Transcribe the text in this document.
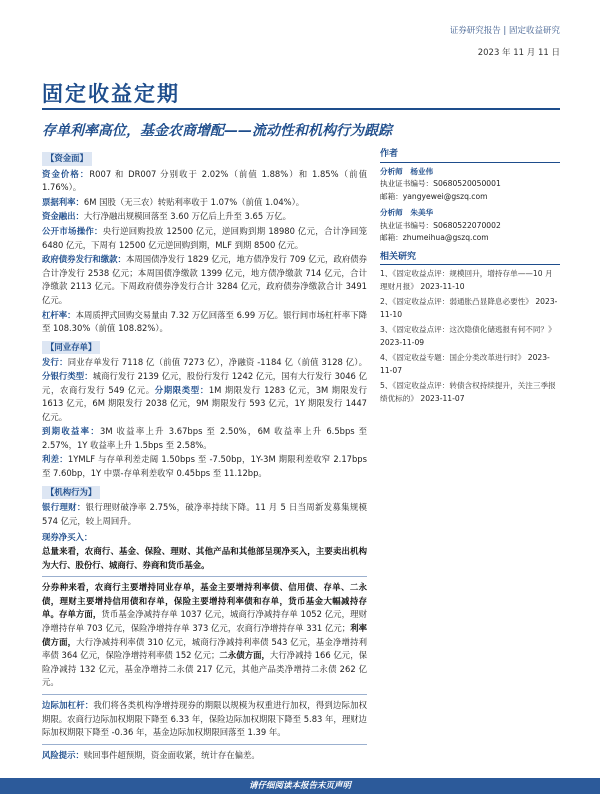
证券研究报告 | 固定收益研究
2023 年 11 月 11 日
固定收益定期
存单利率高位，基金农商增配——流动性和机构行为跟踪
【资金面】
资金价格：R007 和 DR007 分别收于 2.02%（前值 1.88%）和 1.85%（前值 1.76%）。
票据利率：6M 国股（无三农）转贴利率收于 1.07%（前值 1.04%）。
资金融出：大行净融出规模回落至 3.60 万亿后上升至 3.65 万亿。
公开市场操作：央行逆回购投放 12500 亿元，逆回购到期 18980 亿元，合计净回笼 6480 亿元，下周有 12500 亿元逆回购到期，MLF 到期 8500 亿元。
政府债券发行和缴款：本周国债净发行 1829 亿元，地方债净发行 709 亿元，政府债券合计净发行 2538 亿元；本周国债净缴款 1399 亿元，地方债净缴款 714 亿元，合计净缴款 2113 亿元。下周政府债券净发行合计 3284 亿元，政府债券净缴款合计 3491 亿元。
杠杆率：本周质押式回购交易量由 7.32 万亿回落至 6.99 万亿。银行间市场杠杆率下降至 108.30%（前值 108.82%）。
【同业存单】
发行：同业存单发行 7118 亿（前值 7273 亿），净融资 -1184 亿（前值 3128 亿）。分银行类型：城商行发行 2139 亿元，股份行发行 1242 亿元，国有大行发行 3046 亿元，农商行发行 549 亿元。分期限类型：1M 期限发行 1283 亿元，3M 期限发行 1613 亿元，6M 期限发行 2038 亿元，9M 期限发行 593 亿元，1Y 期限发行 1447 亿元。
到期收益率：3M 收益率上升 3.67bps 至 2.50%，6M 收益率上升 6.5bps 至 2.57%，1Y 收益率上升 1.5bps 至 2.58%。
利差：1YMLF 与存单利差走阔 1.50bps 至 -7.50bp，1Y-3M 期限利差收窄 2.17bps 至 7.60bp，1Y 中票-存单利差收窄 0.45bps 至 11.12bp。
【机构行为】
银行理财：银行理财破净率 2.75%，破净率持续下降。11 月 5 日当周新发募集规模 574 亿元，较上周回升。
现券净买入：
总量来看，农商行、基金、保险、理财、其他产品和其他部呈现净买入，主要卖出机构为大行、股份行、城商行、券商和货币基金。
分券种来看，农商行主要增持同业存单，基金主要增持利率债、信用债、存单、二永债，理财主要增持信用债和存单，保险主要增持利率债和存单，货币基金大幅减持存单。存单方面，货币基金净减持存单 1037 亿元，城商行净减持存单 1052 亿元，理财净增持存单 703 亿元，保险净增持存单 373 亿元，农商行净增持存单 331 亿元；利率债方面，大行净减持利率债 310 亿元，城商行净减持利率债 543 亿元，基金净增持利率债 364 亿元，保险净增持利率债 152 亿元；二永债方面，大行净减持 166 亿元，保险净减持 132 亿元，基金净增持二永债 217 亿元，其他产品类净增持二永债 262 亿元。
边际加杠杆：我们将各类机构净增持现券的期限以规模为权重进行加权，得到边际加权期限。农商行边际加权期限下降至 6.33 年，保险边际加权期限下降至 5.83 年，理财边际加权期限下降至 -0.36 年，基金边际加权期限回落至 1.39 年。
风险提示：赎回事件超预期，资金面收紧，统计存在偏差。
作者
分析师　杨业伟
执业证书编号：S0680520050001
邮箱：yangyewei@gszq.com
分析师　朱美华
执业证书编号：S0680522070002
邮箱：zhumeihua@gszq.com
相关研究
1、《固定收益点评：规模回升，增持存单——10 月理财月报》 2023-11-10
2、《固定收益点评：弱通胀凸显降息必要性》 2023-11-10
3、《固定收益点评：这次隐债化储逃报有何不同？》 2023-11-09
4、《固定收益专题：国企分类改革进行时》 2023-11-07
5、《固定收益点评：转债含权持续提升，关注三季报绩优标的》 2023-11-07
请仔细阅读本报告末页声明
